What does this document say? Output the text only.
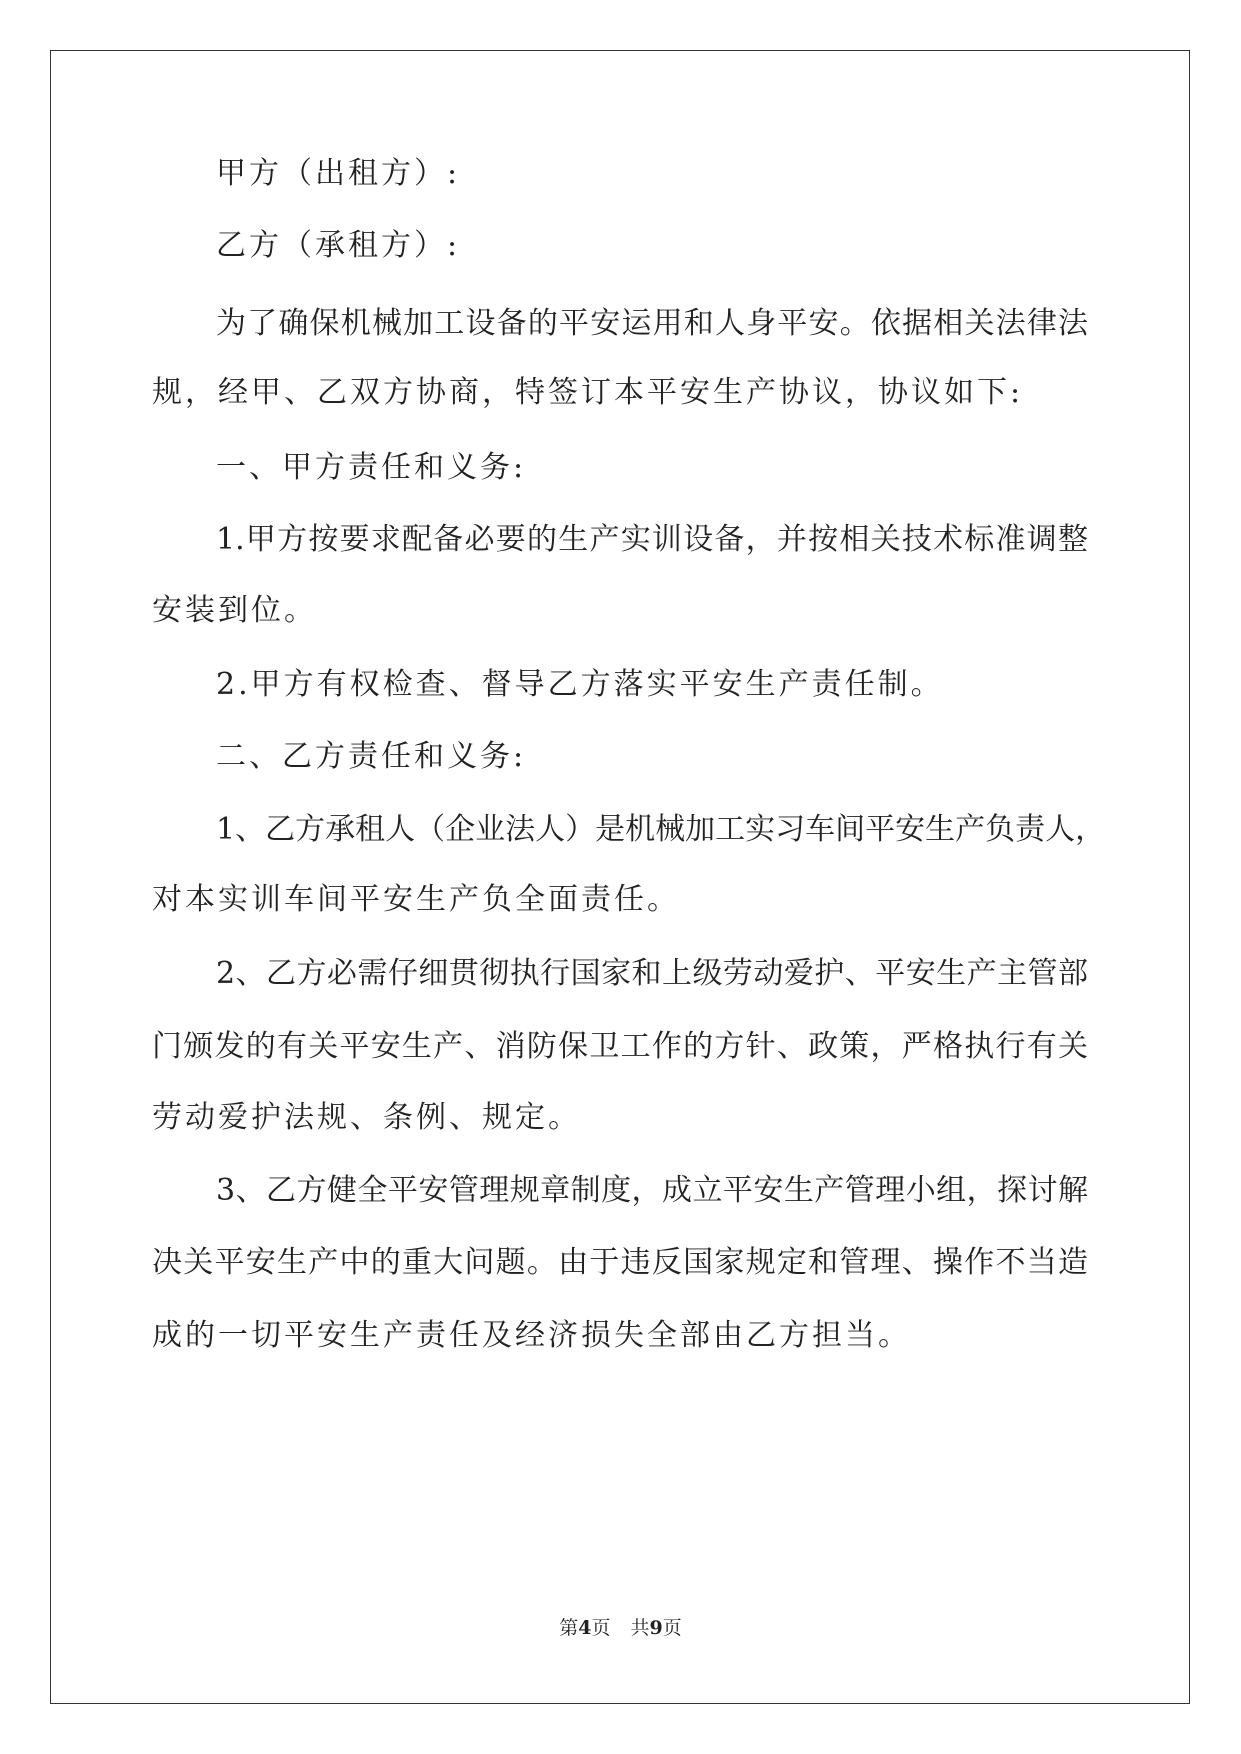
甲方（出租方）:
乙方（承租方）:
为了确保机械加工设备的平安运用和人身平安。依据相关法律法
规，经甲、乙双方协商，特签订本平安生产协议，协议如下:
一、甲方责任和义务:
1.甲方按要求配备必要的生产实训设备，并按相关技术标准调整
安装到位。
2.甲方有权检查、督导乙方落实平安生产责任制。
二、乙方责任和义务:
1、乙方承租人（企业法人）是机械加工实习车间平安生产负责人，
对本实训车间平安生产负全面责任。
2、乙方必需仔细贯彻执行国家和上级劳动爱护、平安生产主管部
门颁发的有关平安生产、消防保卫工作的方针、政策，严格执行有关
劳动爱护法规、条例、规定。
3、乙方健全平安管理规章制度，成立平安生产管理小组，探讨解
决关平安生产中的重大问题。由于违反国家规定和管理、操作不当造
成的一切平安生产责任及经济损失全部由乙方担当。
第4页 共9页
